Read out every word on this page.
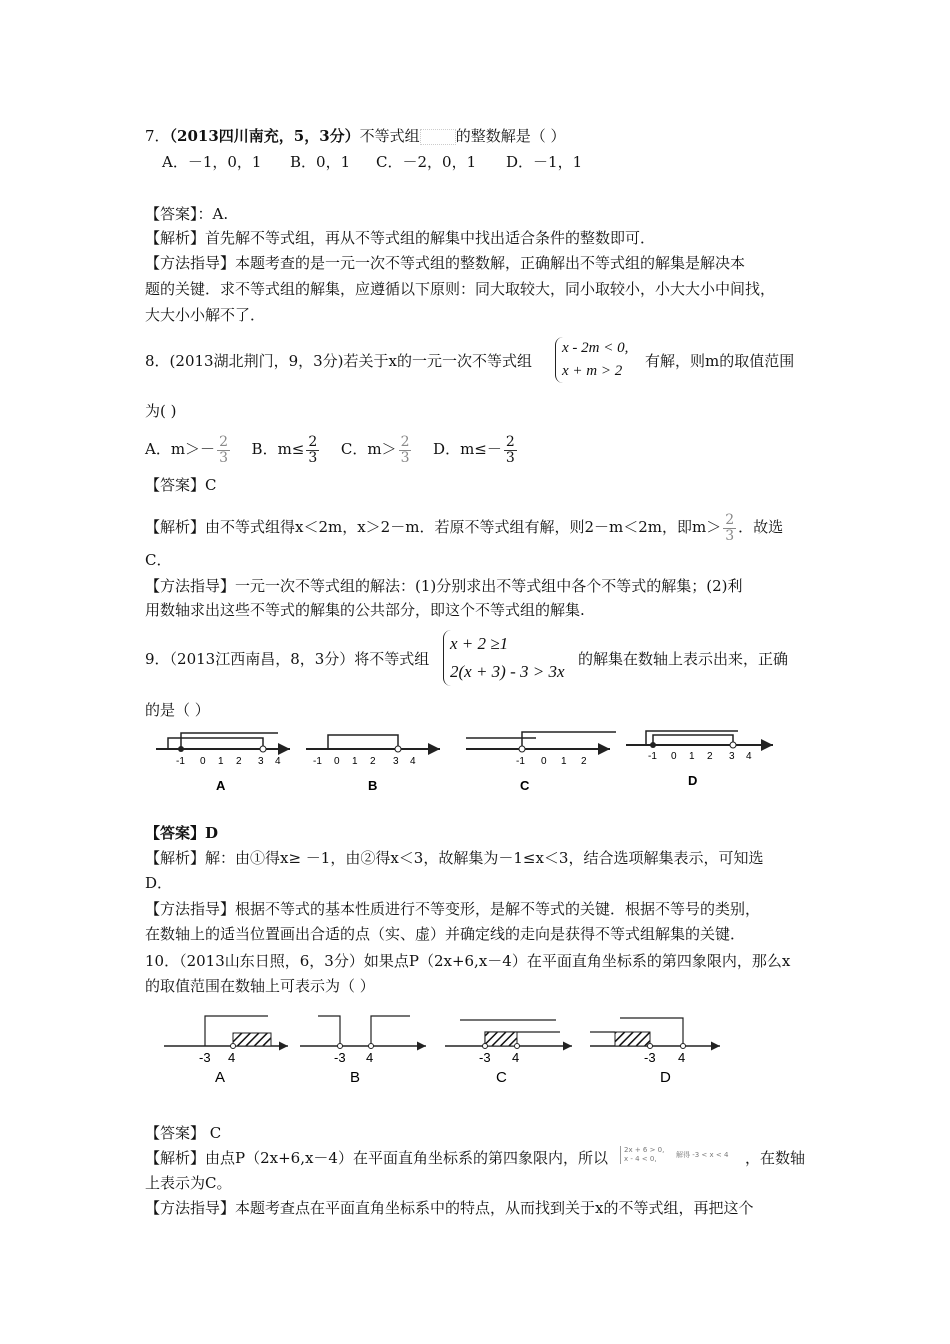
7．（2013四川南充，5，3分）不等式组 的整数解是（ ）
A．－1，0，1 B．0，1 C．－2，0，1 D．－1，1
【答案】：A.
【解析】首先解不等式组，再从不等式组的解集中找出适合条件的整数即可．
【方法指导】本题考查的是一元一次不等式组的整数解，正确解出不等式组的解集是解决本
题的关键．求不等式组的解集，应遵循以下原则：同大取较大，同小取较小，小大大小中间找，
大大小小解不了．
8．(2013湖北荆门，9，3分)若关于x的一元一次不等式组
x - 2m < 0,
x + m > 2
有解，则m的取值范围
为( )
A．$m>- \frac{2}{3}$ B．$m\le \frac{2}{3}$ C．$m> \frac{2}{3}$ D．$m\le- \frac{2}{3}$
【答案】C
【解析】由不等式组得x＜2m，x＞2－m．若原不等式组有解，则2－m＜2m，即$m> \frac{2}{3}$ ．故选
C．
【方法指导】一元一次不等式组的解法：(1)分别求出不等式组中各个不等式的解集；(2)利
用数轴求出这些不等式的解集的公共部分，即这个不等式组的解集.
9．（2013江西南昌，8，3分）将不等式组
x + 2 ≥1
2(x + 3) - 3 > 3x
的解集在数轴上表示出来，正确
的是（ ）
-1 0 1 2 3 4
A
-1 0 1 2 3 4
B
-1 0 1 2
C
-1 0 1 2 3 4
D
【答案】D
【解析】解：由①得x≥ －1，由②得x＜3，故解集为－1≤x＜3，结合选项解集表示，可知选
D．
【方法指导】根据不等式的基本性质进行不等变形，是解不等式的关键．根据不等号的类别，
在数轴上的适当位置画出合适的点（实、虚）并确定线的走向是获得不等式组解集的关键．
10．（2013山东日照，6，3分）如果点P（2x+6,x－4）在平面直角坐标系的第四象限内，那么x
的取值范围在数轴上可表示为（ ）
-3 4
A
-3 4
B
-3 4
C
-3 4
D
【答案】 C
【解析】由点P（2x+6,x－4）在平面直角坐标系的第四象限内，所以 2x + 6 > 0,
x - 4 < 0,	解得 -3 < x < 4 ，在数轴
上表示为C。
【方法指导】本题考查点在平面直角坐标系中的特点，从而找到关于x的不等式组，再把这个
